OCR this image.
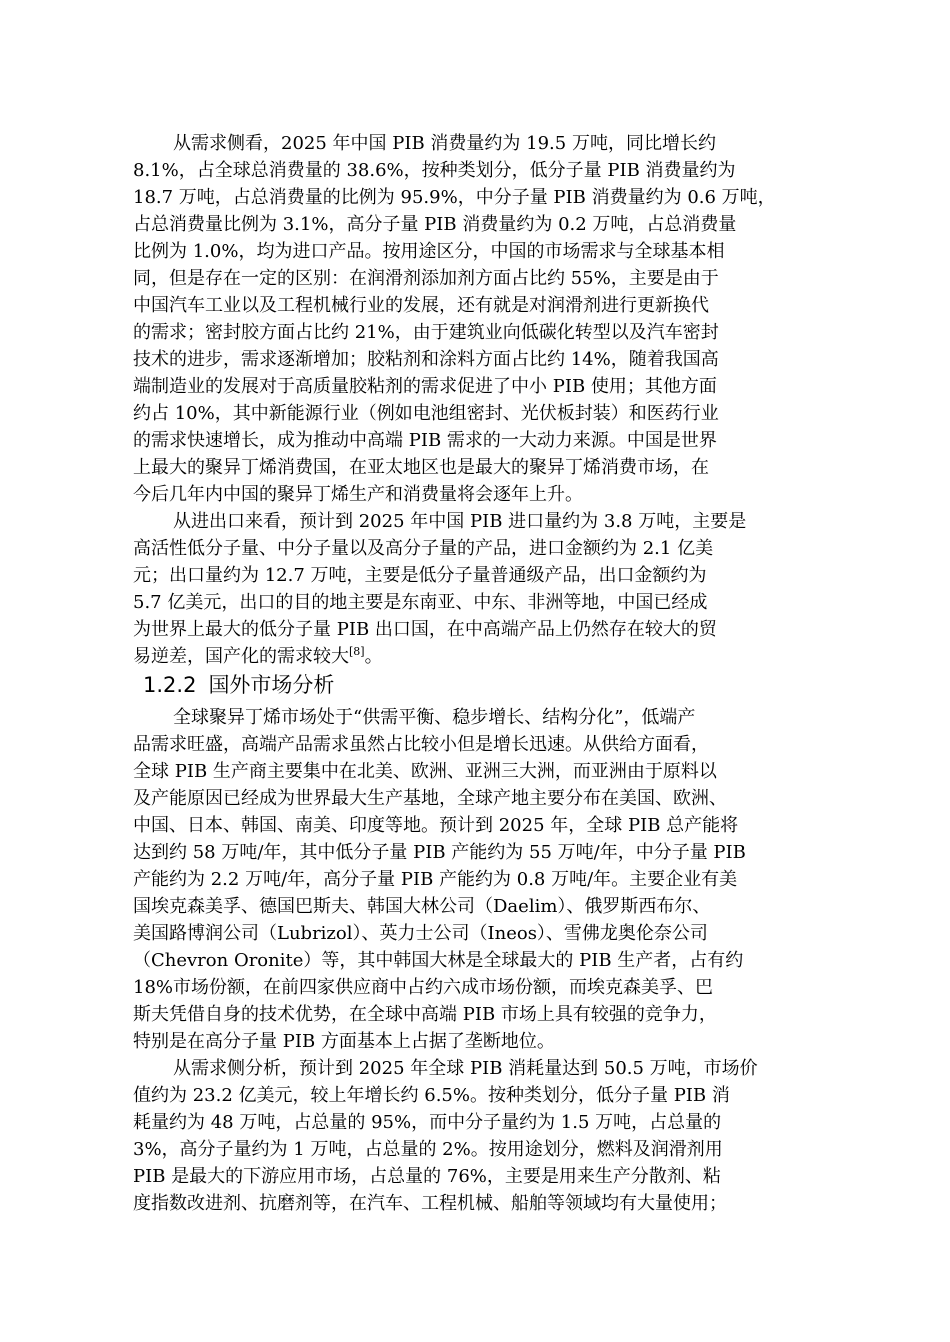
从需求侧看，2025 年中国 PIB 消费量约为 19.5 万吨，同比增长约
8.1%，占全球总消费量的 38.6%，按种类划分，低分子量 PIB 消费量约为
18.7 万吨，占总消费量的比例为 95.9%，中分子量 PIB 消费量约为 0.6 万吨，
占总消费量比例为 3.1%，高分子量 PIB 消费量约为 0.2 万吨，占总消费量
比例为 1.0%，均为进口产品。按用途区分，中国的市场需求与全球基本相
同，但是存在一定的区别：在润滑剂添加剂方面占比约 55%，主要是由于
中国汽车工业以及工程机械行业的发展，还有就是对润滑剂进行更新换代
的需求；密封胶方面占比约 21%，由于建筑业向低碳化转型以及汽车密封
技术的进步，需求逐渐增加；胶粘剂和涂料方面占比约 14%，随着我国高
端制造业的发展对于高质量胶粘剂的需求促进了中小 PIB 使用；其他方面
约占 10%，其中新能源行业（例如电池组密封、光伏板封装）和医药行业
的需求快速增长，成为推动中高端 PIB 需求的一大动力来源。中国是世界
上最大的聚异丁烯消费国，在亚太地区也是最大的聚异丁烯消费市场，在
今后几年内中国的聚异丁烯生产和消费量将会逐年上升。
从进出口来看，预计到 2025 年中国 PIB 进口量约为 3.8 万吨，主要是
高活性低分子量、中分子量以及高分子量的产品，进口金额约为 2.1 亿美
元；出口量约为 12.7 万吨，主要是低分子量普通级产品，出口金额约为
5.7 亿美元，出口的目的地主要是东南亚、中东、非洲等地，中国已经成
为世界上最大的低分子量 PIB 出口国，在中高端产品上仍然存在较大的贸
易逆差，国产化的需求较大[8]。
1.2.2 国外市场分析
全球聚异丁烯市场处于“供需平衡、稳步增长、结构分化”，低端产
品需求旺盛，高端产品需求虽然占比较小但是增长迅速。从供给方面看，
全球 PIB 生产商主要集中在北美、欧洲、亚洲三大洲，而亚洲由于原料以
及产能原因已经成为世界最大生产基地，全球产地主要分布在美国、欧洲、
中国、日本、韩国、南美、印度等地。预计到 2025 年，全球 PIB 总产能将
达到约 58 万吨/年，其中低分子量 PIB 产能约为 55 万吨/年，中分子量 PIB
产能约为 2.2 万吨/年，高分子量 PIB 产能约为 0.8 万吨/年。主要企业有美
国埃克森美孚、德国巴斯夫、韩国大林公司（Daelim）、俄罗斯西布尔、
美国路博润公司（Lubrizol）、英力士公司（Ineos）、雪佛龙奥伦奈公司
（Chevron Oronite）等，其中韩国大林是全球最大的 PIB 生产者，占有约
18%市场份额，在前四家供应商中占约六成市场份额，而埃克森美孚、巴
斯夫凭借自身的技术优势，在全球中高端 PIB 市场上具有较强的竞争力，
特别是在高分子量 PIB 方面基本上占据了垄断地位。
从需求侧分析，预计到 2025 年全球 PIB 消耗量达到 50.5 万吨，市场价
值约为 23.2 亿美元，较上年增长约 6.5%。按种类划分，低分子量 PIB 消
耗量约为 48 万吨，占总量的 95%，而中分子量约为 1.5 万吨，占总量的
3%，高分子量约为 1 万吨，占总量的 2%。按用途划分，燃料及润滑剂用
PIB 是最大的下游应用市场，占总量的 76%，主要是用来生产分散剂、粘
度指数改进剂、抗磨剂等，在汽车、工程机械、船舶等领域均有大量使用；
